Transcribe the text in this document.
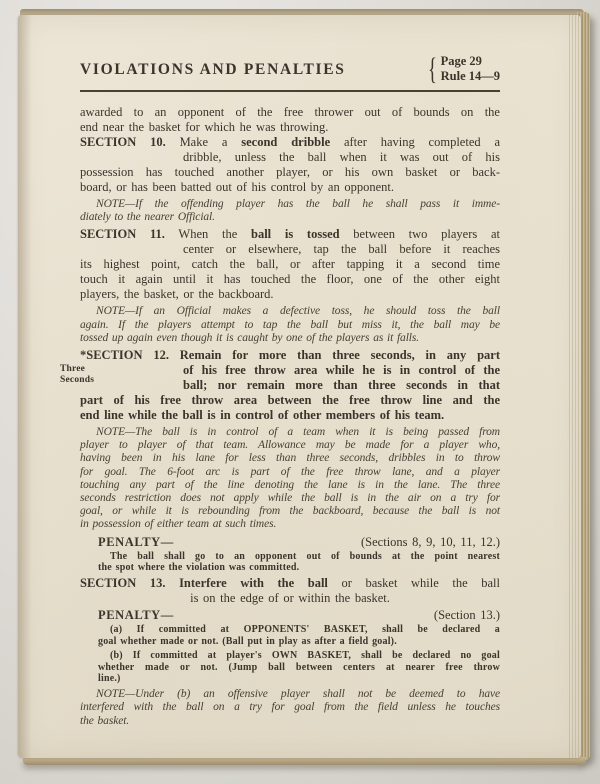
VIOLATIONS AND PENALTIES	{ Page 29
Rule 14—9
awarded to an opponent of the free thrower out of bounds on the
end near the basket for which he was throwing.
SECTION 10. Make a second dribble after having completed a
dribble, unless the ball when it was out of his
possession has touched another player, or his own basket or back-
board, or has been batted out of his control by an opponent.
NOTE—If the offending player has the ball he shall pass it imme-
diately to the nearer Official.
SECTION 11. When the ball is tossed between two players at
center or elsewhere, tap the ball before it reaches
its highest point, catch the ball, or after tapping it a second time
touch it again until it has touched the floor, one of the other eight
players, the basket, or the backboard.
NOTE—If an Official makes a defective toss, he should toss the ball
again. If the players attempt to tap the ball but miss it, the ball may be
tossed up again even though it is caught by one of the players as it falls.
Three
Seconds
*SECTION 12. Remain for more than three seconds, in any part
of his free throw area while he is in control of the
ball; nor remain more than three seconds in that
part of his free throw area between the free throw line and the
end line while the ball is in control of other members of his team.
NOTE—The ball is in control of a team when it is being passed from
player to player of that team. Allowance may be made for a player who,
having been in his lane for less than three seconds, dribbles in to throw
for goal. The 6-foot arc is part of the free throw lane, and a player
touching any part of the line denoting the lane is in the lane. The three
seconds restriction does not apply while the ball is in the air on a try for
goal, or while it is rebounding from the backboard, because the ball is not
in possession of either team at such times.
PENALTY—	(Sections 8, 9, 10, 11, 12.)
The ball shall go to an opponent out of bounds at the point nearest
the spot where the violation was committed.
SECTION 13. Interfere with the ball or basket while the ball
is on the edge of or within the basket.
PENALTY—	(Section 13.)
(a) If committed at OPPONENTS' BASKET, shall be declared a
goal whether made or not. (Ball put in play as after a field goal).
(b) If committed at player's OWN BASKET, shall be declared no goal
whether made or not. (Jump ball between centers at nearer free throw
line.)
NOTE—Under (b) an offensive player shall not be deemed to have
interfered with the ball on a try for goal from the field unless he touches
the basket.
